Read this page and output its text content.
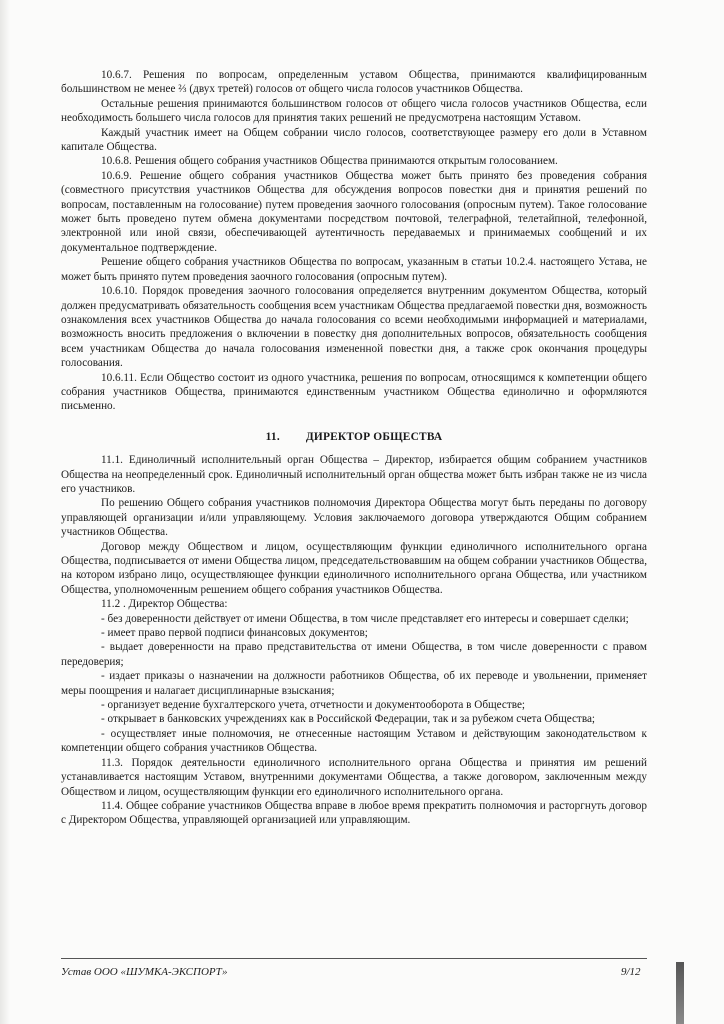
10.6.7. Решения по вопросам, определенным уставом Общества, принимаются квалифицированным большинством не менее ⅔ (двух третей) голосов от общего числа голосов участников Общества.

Остальные решения принимаются большинством голосов от общего числа голосов участников Общества, если необходимость большего числа голосов для принятия таких решений не предусмотрена настоящим Уставом.

Каждый участник имеет на Общем собрании число голосов, соответствующее размеру его доли в Уставном капитале Общества.

10.6.8. Решения общего собрания участников Общества принимаются открытым голосованием.

10.6.9. Решение общего собрания участников Общества может быть принято без проведения собрания (совместного присутствия участников Общества для обсуждения вопросов повестки дня и принятия решений по вопросам, поставленным на голосование) путем проведения заочного голосования (опросным путем). Такое голосование может быть проведено путем обмена документами посредством почтовой, телеграфной, телетайпной, телефонной, электронной или иной связи, обеспечивающей аутентичность передаваемых и принимаемых сообщений и их документальное подтверждение.

Решение общего собрания участников Общества по вопросам, указанным в статьи 10.2.4. настоящего Устава, не может быть принято путем проведения заочного голосования (опросным путем).

10.6.10. Порядок проведения заочного голосования определяется внутренним документом Общества, который должен предусматривать обязательность сообщения всем участникам Общества предлагаемой повестки дня, возможность ознакомления всех участников Общества до начала голосования со всеми необходимыми информацией и материалами, возможность вносить предложения о включении в повестку дня дополнительных вопросов, обязательность сообщения всем участникам Общества до начала голосования измененной повестки дня, а также срок окончания процедуры голосования.

10.6.11. Если Общество состоит из одного участника, решения по вопросам, относящимся к компетенции общего собрания участников Общества, принимаются единственным участником Общества единолично и оформляются письменно.

11. ДИРЕКТОР ОБЩЕСТВА

11.1. Единоличный исполнительный орган Общества – Директор, избирается общим собранием участников Общества на неопределенный срок. Единоличный исполнительный орган общества может быть избран также не из числа его участников.

По решению Общего собрания участников полномочия Директора Общества могут быть переданы по договору управляющей организации и/или управляющему. Условия заключаемого договора утверждаются Общим собранием участников Общества.

Договор между Обществом и лицом, осуществляющим функции единоличного исполнительного органа Общества, подписывается от имени Общества лицом, председательствовавшим на общем собрании участников Общества, на котором избрано лицо, осуществляющее функции единоличного исполнительного органа Общества, или участником Общества, уполномоченным решением общего собрания участников Общества.

11.2 . Директор Общества:

- без доверенности действует от имени Общества, в том числе представляет его интересы и совершает сделки;

- имеет право первой подписи финансовых документов;

- выдает доверенности на право представительства от имени Общества, в том числе доверенности с правом передоверия;

- издает приказы о назначении на должности работников Общества, об их переводе и увольнении, применяет меры поощрения и налагает дисциплинарные взыскания;

- организует ведение бухгалтерского учета, отчетности и документооборота в Обществе;

- открывает в банковских учреждениях как в Российской Федерации, так и за рубежом счета Общества;

- осуществляет иные полномочия, не отнесенные настоящим Уставом и действующим законодательством к компетенции общего собрания участников Общества.

11.3. Порядок деятельности единоличного исполнительного органа Общества и принятия им решений устанавливается настоящим Уставом, внутренними документами Общества, а также договором, заключенным между Обществом и лицом, осуществляющим функции его единоличного исполнительного органа.

11.4. Общее собрание участников Общества вправе в любое время прекратить полномочия и расторгнуть договор с Директором Общества, управляющей организацией или управляющим.

Устав ООО «ШУМКА-ЭКСПОРТ»	9/12
